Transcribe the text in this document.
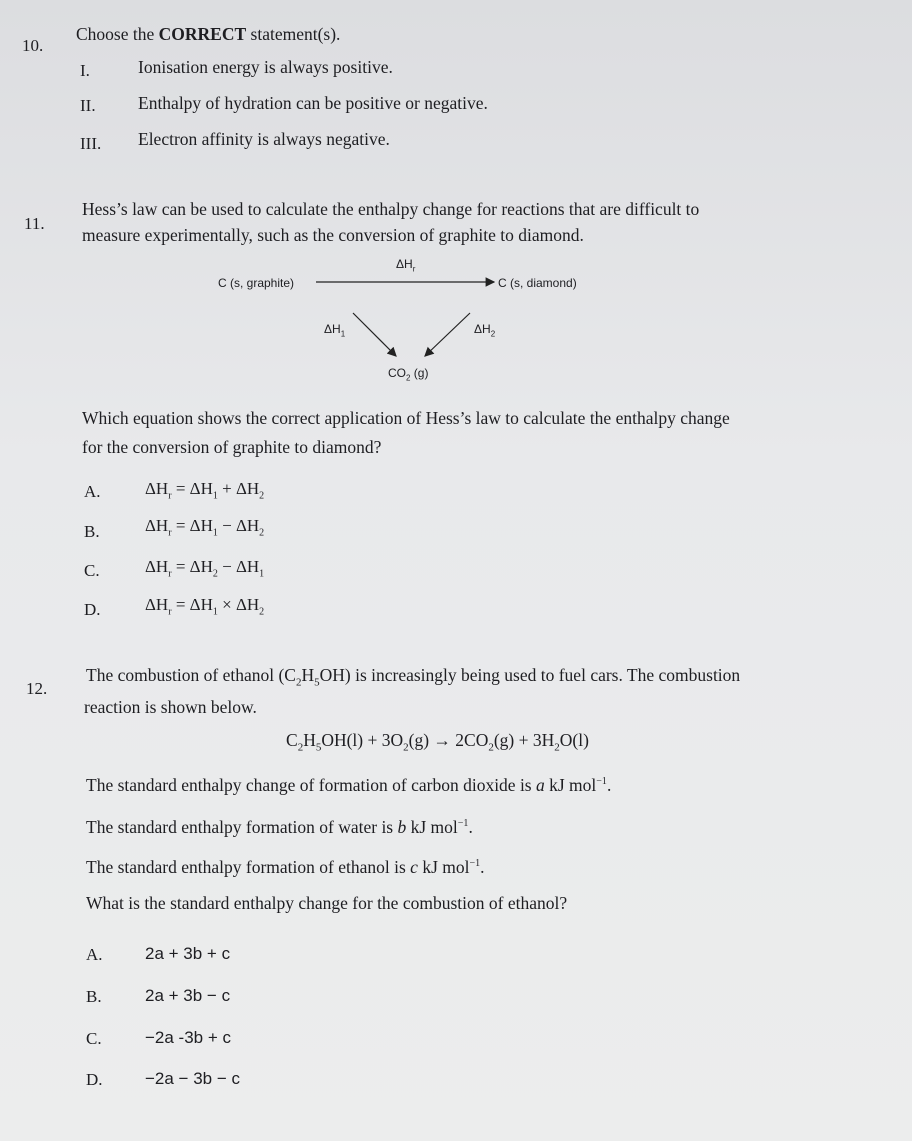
10.
Choose the CORRECT statement(s).
I.	Ionisation energy is always positive.
II. Enthalpy of hydration can be positive or negative.
III. Electron affinity is always negative.
11.
Hess’s law can be used to calculate the enthalpy change for reactions that are difficult to
measure experimentally, such as the conversion of graphite to diamond.
C (s, graphite)	C (s, diamond)
$\Delta H_r$
$\Delta H_1$	$\Delta H_2$
$CO_2$ (g)
Which equation shows the correct application of Hess’s law to calculate the enthalpy change
for the conversion of graphite to diamond?
A.	$\Delta H_r = \Delta H_1 + \Delta H_2$
B.	$\Delta H_r = \Delta H_1 - \Delta H_2$
C.	$\Delta H_r = \Delta H_2 - \Delta H_1$
D.	$\Delta H_r = \Delta H_1 \times \Delta H_2$
12.
The combustion of ethanol $(C_2H_5OH)$ is increasingly being used to fuel cars. The combustion
reaction is shown below.
$C_2H_5OH(l) + 3O_2(g) \to 2CO_2(g) + 3H_2O(l)$
The standard enthalpy change of formation of carbon dioxide is a kJ mol$^{-1}$.
The standard enthalpy formation of water is b kJ mol$^{-1}$.
The standard enthalpy formation of ethanol is c kJ mol$^{-1}$.
What is the standard enthalpy change for the combustion of ethanol?
A. 2a + 3b + c
B.	2a + 3b − c
C.	−2a -3b + c
D. −2a − 3b − c
